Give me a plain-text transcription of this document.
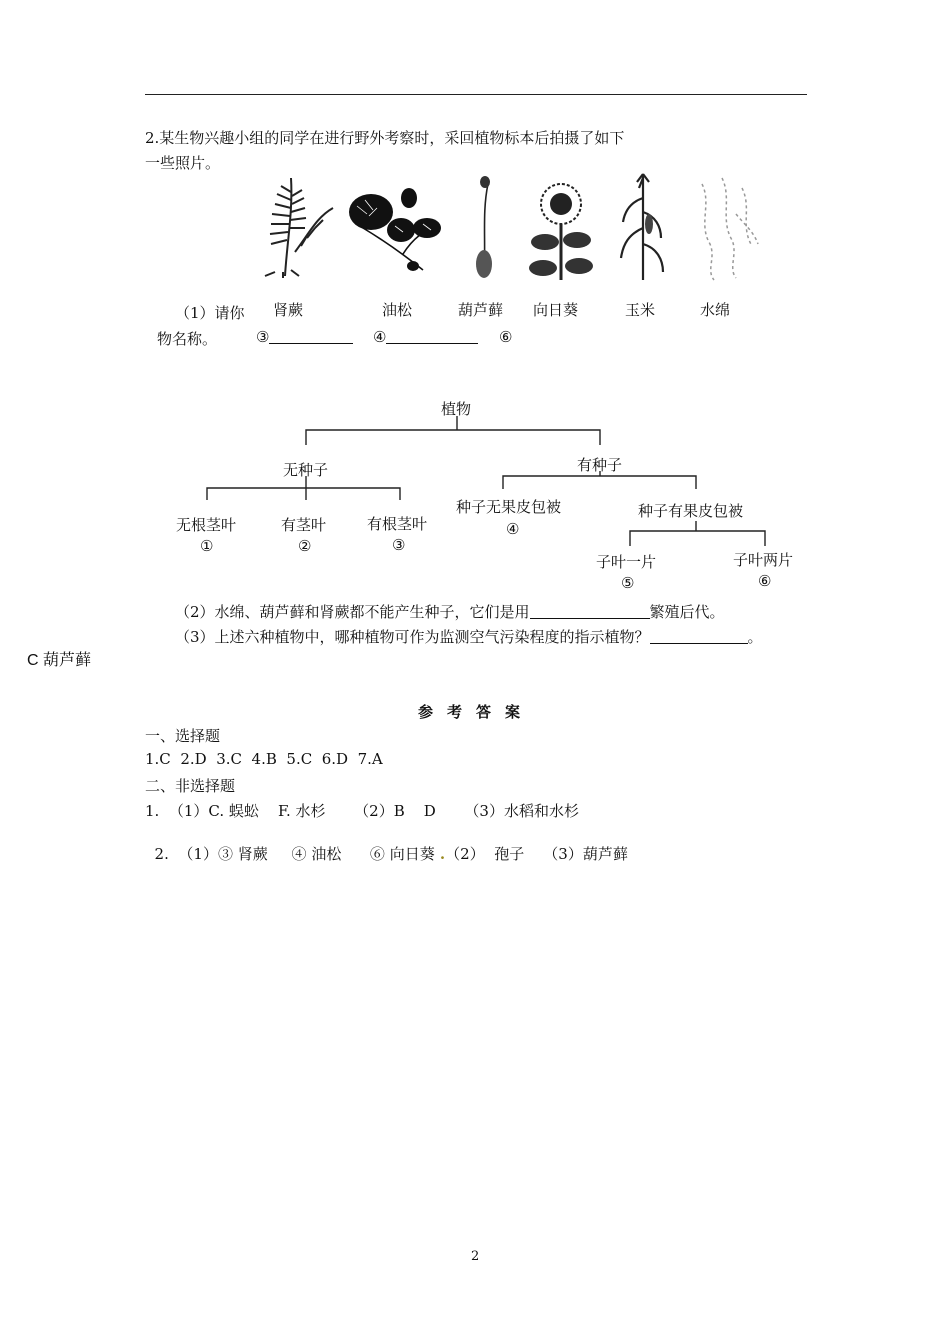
2.某生物兴趣小组的同学在进行野外考察时，采回植物标本后拍摄了如下
一些照片。
肾蕨	油松	葫芦藓 向日葵	玉米	水绵
（1）请你
物名称。	③	④	⑥
植物
无种子	有种子
无根茎叶
①
有茎叶
②
有根茎叶
③
种子无果皮包被
④
种子有果皮包被
子叶一片
⑤
子叶两片
⑥
（2）水绵、葫芦藓和肾蕨都不能产生种子，它们是用	繁殖后代。
（3）上述六种植物中，哪种植物可作为监测空气污染程度的指示植物？	。
C 葫芦藓
参考答案
一、选择题
1.C  2.D  3.C  4.B  5.C  6.D  7.A
二、非选择题
1.  （1）C. 蜈蚣    F. 水杉      （2）B    D      （3）水稻和水杉

2.  （1）③ 肾蕨     ④ 油松      ⑥ 向日葵 .（2）  孢子    （3）葫芦藓

2
